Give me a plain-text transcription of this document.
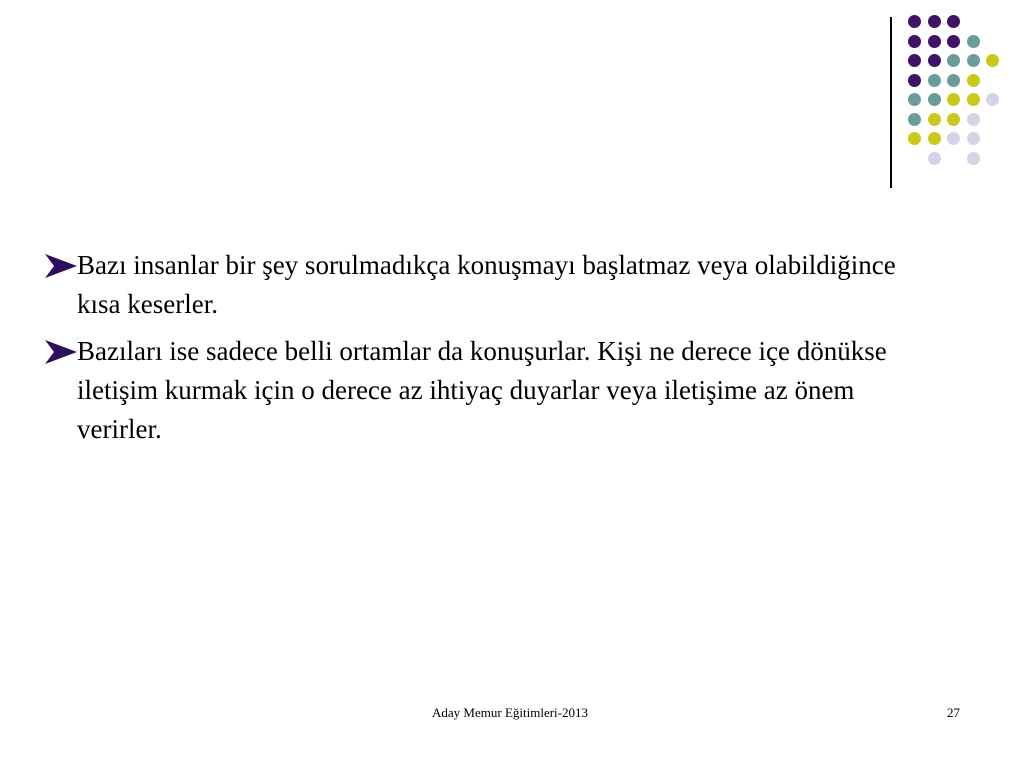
Bazı insanlar bir şey sorulmadıkça konuşmayı başlatmaz veya olabildiğince kısa keserler.
Bazıları ise sadece belli ortamlar da konuşurlar. Kişi ne derece içe dönükse iletişim kurmak için o derece az ihtiyaç duyarlar veya iletişime az önem verirler.
Aday Memur Eğitimleri-2013	27
